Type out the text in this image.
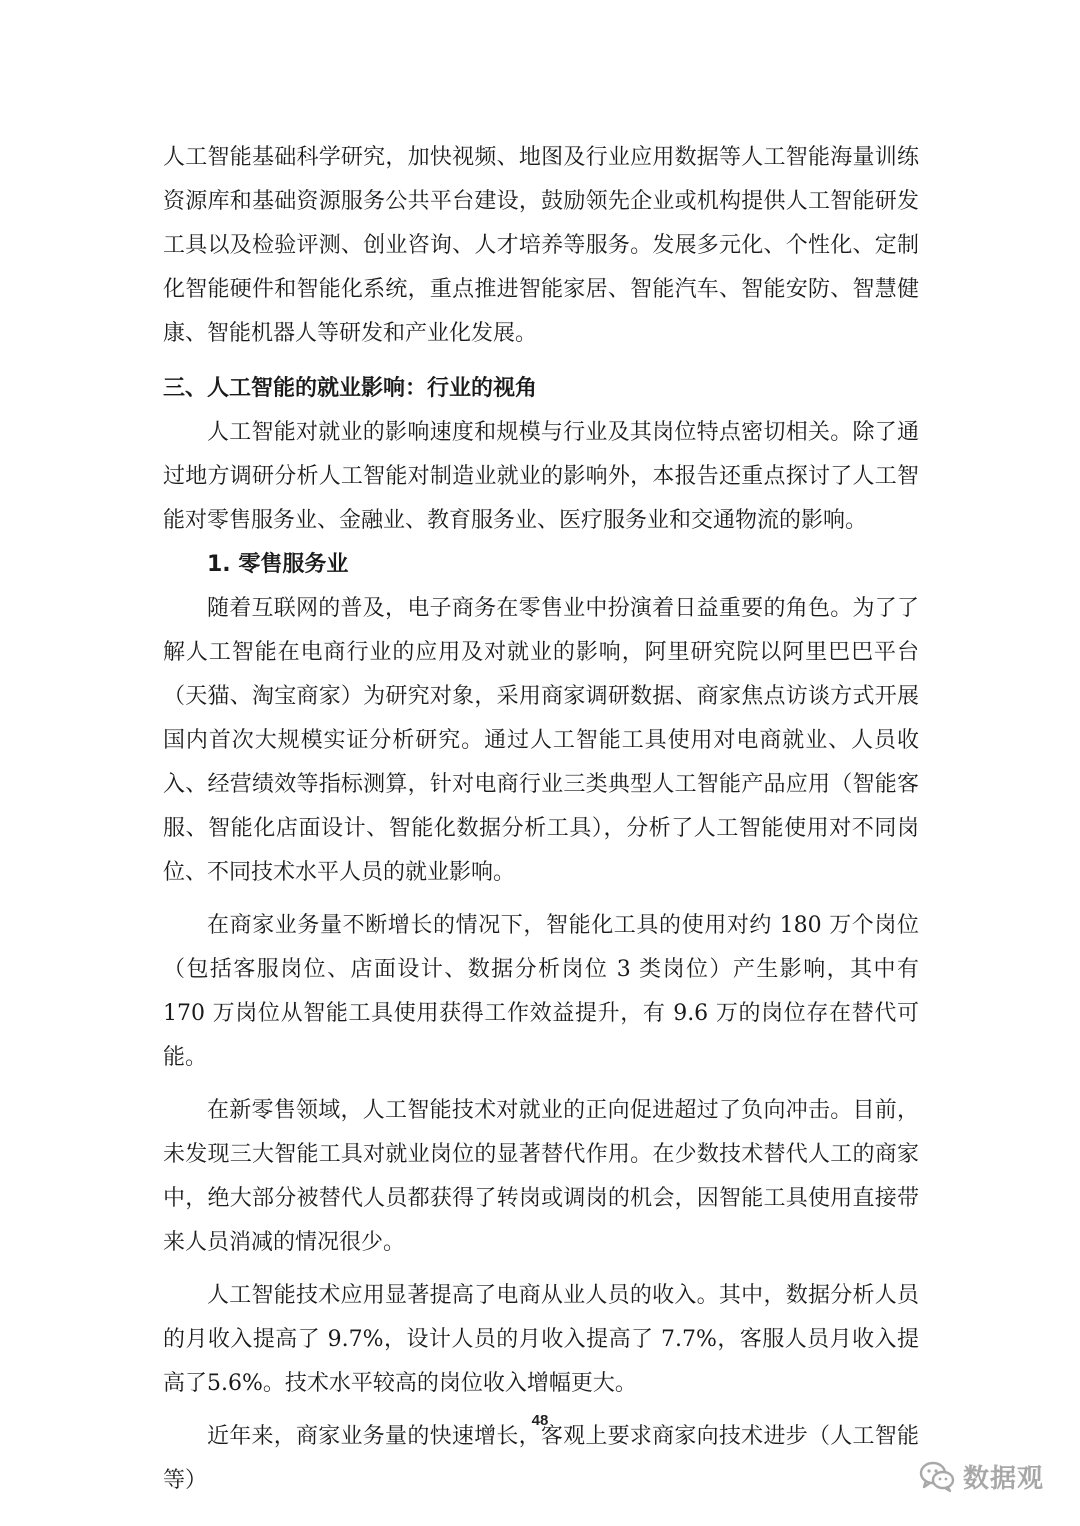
人工智能基础科学研究，加快视频、地图及行业应用数据等人工智能海量训练资源库和基础资源服务公共平台建设，鼓励领先企业或机构提供人工智能研发工具以及检验评测、创业咨询、人才培养等服务。发展多元化、个性化、定制化智能硬件和智能化系统，重点推进智能家居、智能汽车、智能安防、智慧健康、智能机器人等研发和产业化发展。

三、人工智能的就业影响：行业的视角

人工智能对就业的影响速度和规模与行业及其岗位特点密切相关。除了通过地方调研分析人工智能对制造业就业的影响外，本报告还重点探讨了人工智能对零售服务业、金融业、教育服务业、医疗服务业和交通物流的影响。

1. 零售服务业

随着互联网的普及，电子商务在零售业中扮演着日益重要的角色。为了了解人工智能在电商行业的应用及对就业的影响，阿里研究院以阿里巴巴平台（天猫、淘宝商家）为研究对象，采用商家调研数据、商家焦点访谈方式开展国内首次大规模实证分析研究。通过人工智能工具使用对电商就业、人员收入、经营绩效等指标测算，针对电商行业三类典型人工智能产品应用（智能客服、智能化店面设计、智能化数据分析工具），分析了人工智能使用对不同岗位、不同技术水平人员的就业影响。

在商家业务量不断增长的情况下，智能化工具的使用对约 180 万个岗位（包括客服岗位、店面设计、数据分析岗位 3 类岗位）产生影响，其中有 170 万岗位从智能工具使用获得工作效益提升，有 9.6 万的岗位存在替代可能。

在新零售领域，人工智能技术对就业的正向促进超过了负向冲击。目前，未发现三大智能工具对就业岗位的显著替代作用。在少数技术替代人工的商家中，绝大部分被替代人员都获得了转岗或调岗的机会，因智能工具使用直接带来人员消减的情况很少。

人工智能技术应用显著提高了电商从业人员的收入。其中，数据分析人员的月收入提高了 9.7%，设计人员的月收入提高了 7.7%，客服人员月收入提高了5.6%。技术水平较高的岗位收入增幅更大。

近年来，商家业务量的快速增长，客观上要求商家向技术进步（人工智能等）

48
数据观
